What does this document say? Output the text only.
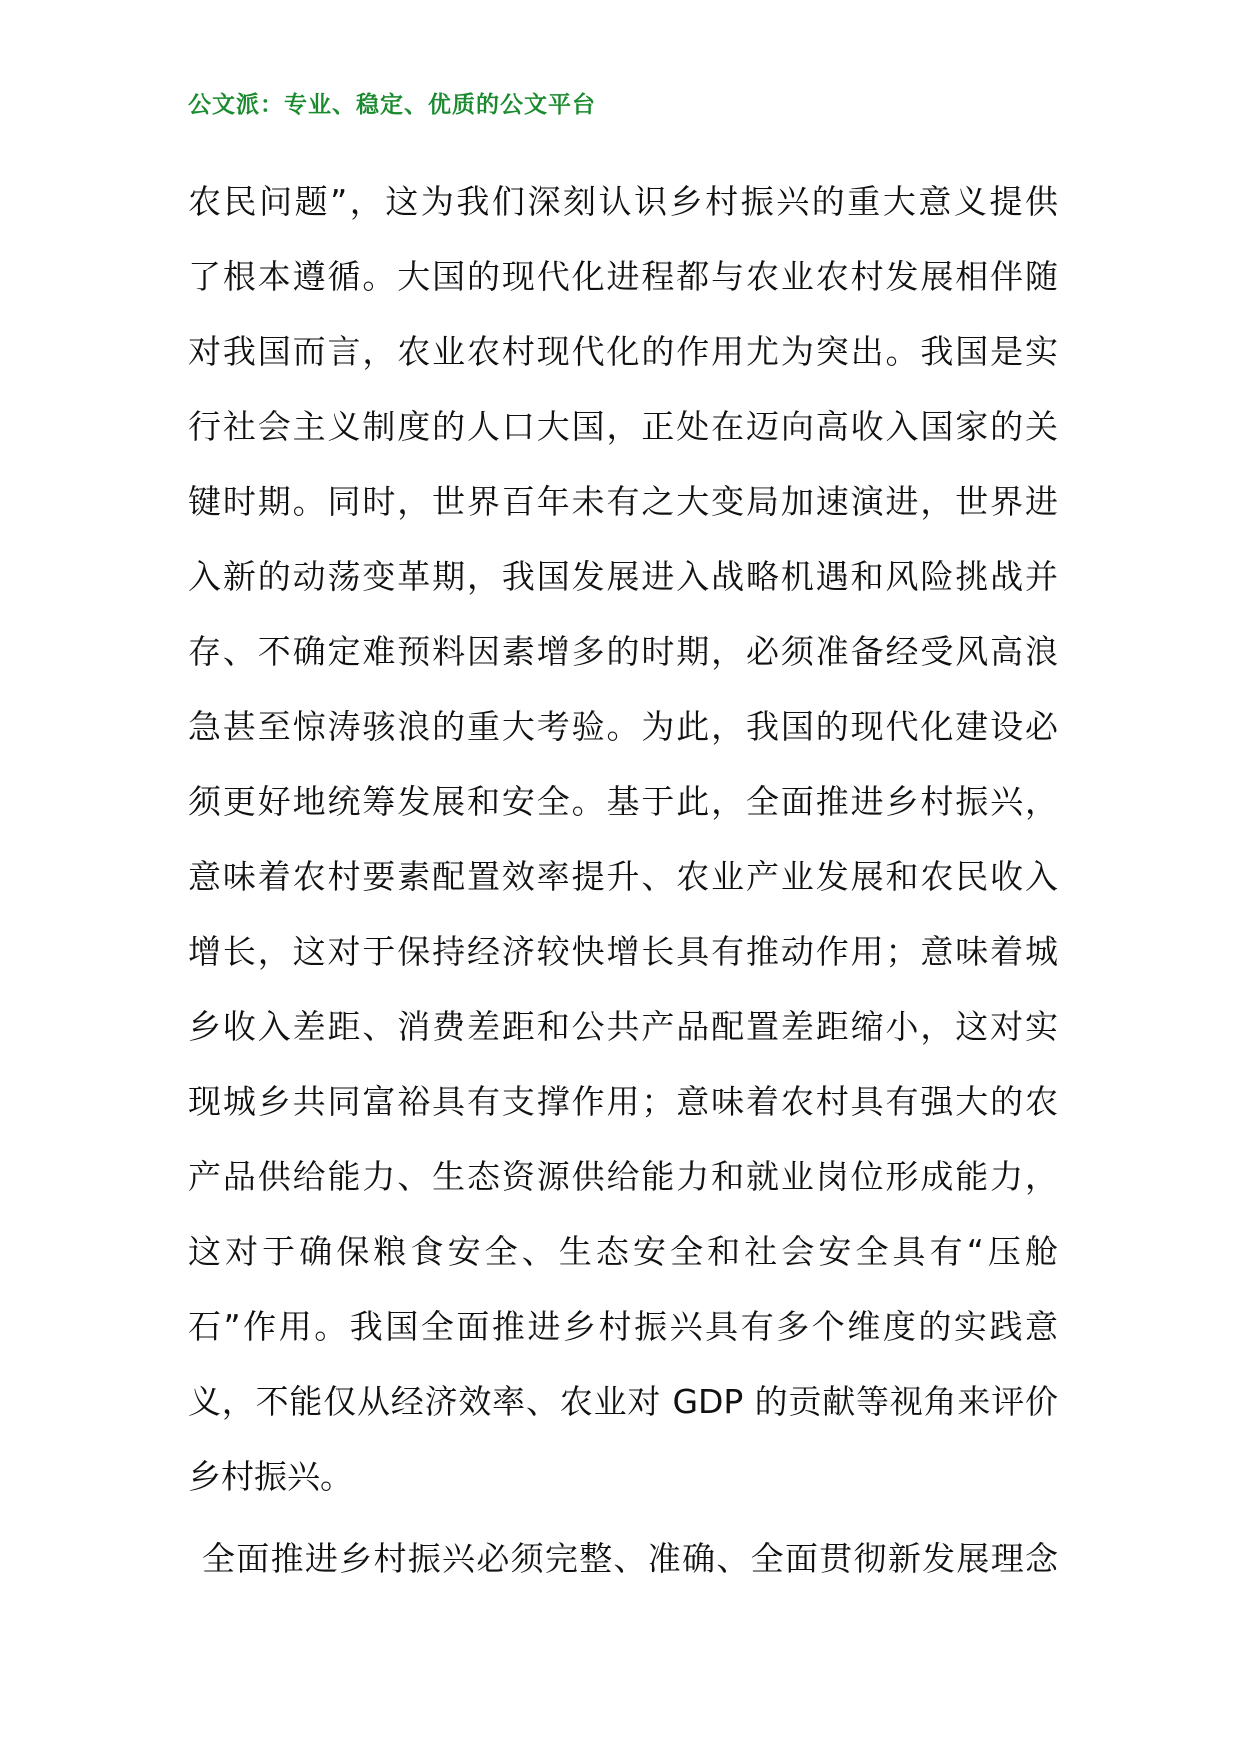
公文派：专业、稳定、优质的公文平台
农民问题”，这为我们深刻认识乡村振兴的重大意义提供
了根本遵循。大国的现代化进程都与农业农村发展相伴随
对我国而言，农业农村现代化的作用尤为突出。我国是实
行社会主义制度的人口大国，正处在迈向高收入国家的关
键时期。同时，世界百年未有之大变局加速演进，世界进
入新的动荡变革期，我国发展进入战略机遇和风险挑战并
存、不确定难预料因素增多的时期，必须准备经受风高浪
急甚至惊涛骇浪的重大考验。为此，我国的现代化建设必
须更好地统筹发展和安全。基于此，全面推进乡村振兴，
意味着农村要素配置效率提升、农业产业发展和农民收入
增长，这对于保持经济较快增长具有推动作用；意味着城
乡收入差距、消费差距和公共产品配置差距缩小，这对实
现城乡共同富裕具有支撑作用；意味着农村具有强大的农
产品供给能力、生态资源供给能力和就业岗位形成能力，
这对于确保粮食安全、生态安全和社会安全具有“压舱
石”作用。我国全面推进乡村振兴具有多个维度的实践意
义，不能仅从经济效率、农业对 GDP 的贡献等视角来评价
乡村振兴。
全面推进乡村振兴必须完整、准确、全面贯彻新发展理念
